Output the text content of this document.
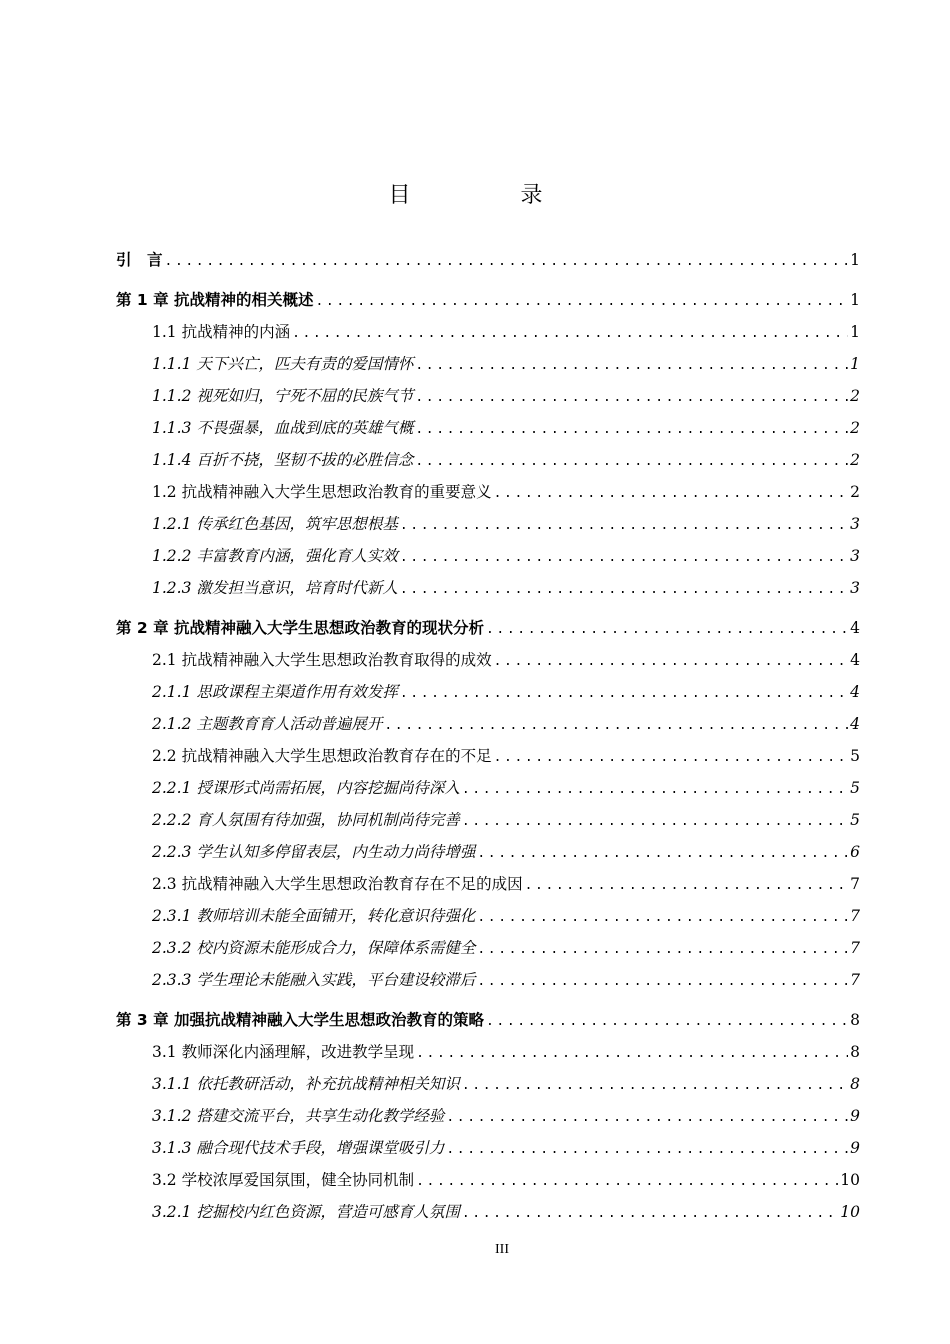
目　录
引　言 .....	1
第 1 章 抗战精神的相关概述 .....	1
1.1 抗战精神的内涵 .....	1
1.1.1 天下兴亡，匹夫有责的爱国情怀 .....	1
1.1.2 视死如归，宁死不屈的民族气节 .....	2
1.1.3 不畏强暴，血战到底的英雄气概 .....	2
1.1.4 百折不挠，坚韧不拔的必胜信念 .....	2
1.2 抗战精神融入大学生思想政治教育的重要意义 .....	2
1.2.1 传承红色基因，筑牢思想根基 .....	3
1.2.2 丰富教育内涵，强化育人实效 .....	3
1.2.3 激发担当意识，培育时代新人 .....	3
第 2 章 抗战精神融入大学生思想政治教育的现状分析 .....	4
2.1 抗战精神融入大学生思想政治教育取得的成效 .....	4
2.1.1 思政课程主渠道作用有效发挥 .....	4
2.1.2 主题教育育人活动普遍展开 .....	4
2.2 抗战精神融入大学生思想政治教育存在的不足 .....	5
2.2.1 授课形式尚需拓展，内容挖掘尚待深入 .....	5
2.2.2 育人氛围有待加强，协同机制尚待完善 .....	5
2.2.3 学生认知多停留表层，内生动力尚待增强 .....	6
2.3 抗战精神融入大学生思想政治教育存在不足的成因 .....	7
2.3.1 教师培训未能全面铺开，转化意识待强化 .....	7
2.3.2 校内资源未能形成合力，保障体系需健全 .....	7
2.3.3 学生理论未能融入实践，平台建设较滞后 .....	7
第 3 章 加强抗战精神融入大学生思想政治教育的策略 .....	8
3.1 教师深化内涵理解，改进教学呈现 .....	8
3.1.1 依托教研活动，补充抗战精神相关知识 .....	8
3.1.2 搭建交流平台，共享生动化教学经验 .....	9
3.1.3 融合现代技术手段，增强课堂吸引力 .....	9
3.2 学校浓厚爱国氛围，健全协同机制 .....	10
3.2.1 挖掘校内红色资源，营造可感育人氛围 .....	10
III
